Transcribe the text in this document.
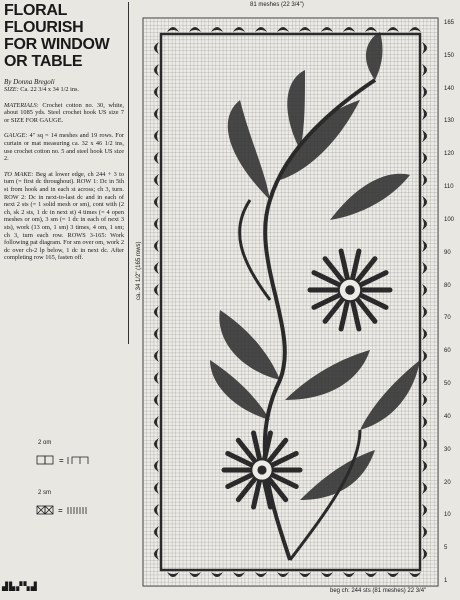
FLORAL
FLOURISH
FOR WINDOW
OR TABLE
By Donna Bregoli

SIZE: Ca. 22 3/4 x 34 1/2 ins.

MATERIALS: Crochet cotton no. 30, white, about 1085 yds. Steel crochet hook US size 7 or SIZE FOR GAUGE.

GAUGE: 4" sq = 14 meshes and 19 rows. For curtain or mat measuring ca. 32 x 46 1/2 ins, use crochet cotton no. 5 and steel hook US size 2.

TO MAKE: Beg at lower edge, ch 244 + 3 to turn (= first dc throughout). ROW 1: Dc in 5th st from hook and in each st across; ch 3, turn. ROW 2: Dc in next-to-last dc and in each of next 2 sts (= 1 solid mesh or sm), cont with (2 ch, sk 2 sts, 1 dc in next st) 4 times (= 4 open meshes or om), 3 sm (= 1 dc in each of next 3 sts), work (13 om, 1 sm) 3 times, 4 om, 1 sm; ch 3, turn each row. ROWS 3-165: Work following pat diagram. For sm over om, work 2 dc over ch-2 lp below, 1 dc in next dc. After completing row 165, fasten off.

2 om
=
2 sm
=
▟▙▞▚▟
81 meshes (22 3/4")
ca. 34 1/2" (165 rows)
beg ch: 244 sts (81 meshes) 22 3/4"
165
150
140
130
120
110
100
90
80
70
60
50
40
30
20
10
5
1
